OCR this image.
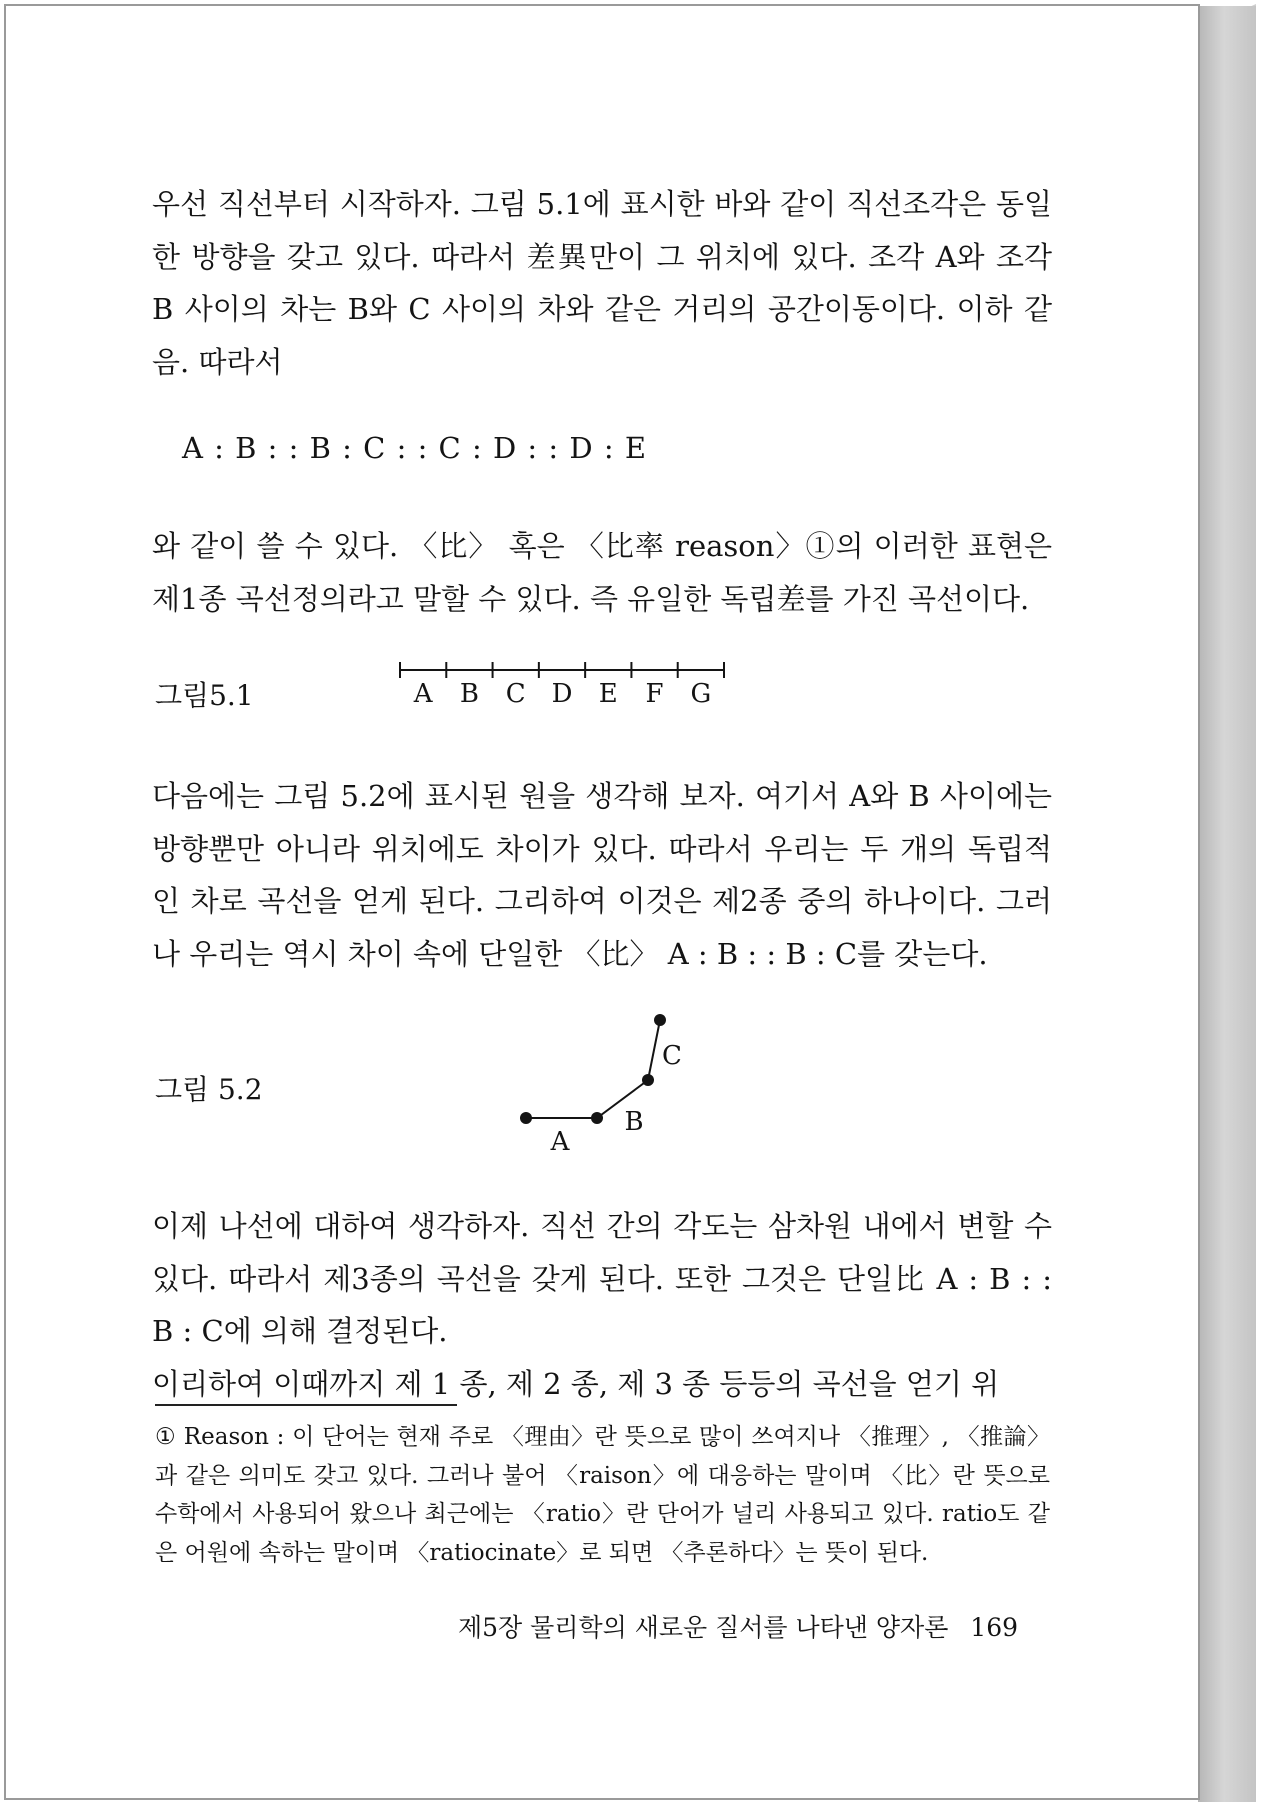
우선 직선부터 시작하자. 그림 5.1에 표시한 바와 같이 직선조각은 동일한 방향을 갖고 있다. 따라서 差異만이 그 위치에 있다. 조각 A와 조각 B 사이의 차는 B와 C 사이의 차와 같은 거리의 공간이동이다. 이하 같음. 따라서

A : B : : B : C : : C : D : : D : E

와 같이 쓸 수 있다. 〈比〉 혹은 〈比率 reason〉①의 이러한 표현은 제1종 곡선정의라고 말할 수 있다. 즉 유일한 독립差를 가진 곡선이다.

그림5.1	A B C D E F G

다음에는 그림 5.2에 표시된 원을 생각해 보자. 여기서 A와 B 사이에는 방향뿐만 아니라 위치에도 차이가 있다. 따라서 우리는 두 개의 독립적인 차로 곡선을 얻게 된다. 그리하여 이것은 제2종 중의 하나이다. 그러나 우리는 역시 차이 속에 단일한 〈比〉 A : B : : B : C를 갖는다.

그림 5.2
A
B
C

이제 나선에 대하여 생각하자. 직선 간의 각도는 삼차원 내에서 변할 수 있다. 따라서 제3종의 곡선을 갖게 된다. 또한 그것은 단일比 A : B : : B : C에 의해 결정된다.

이리하여 이때까지 제 1 종, 제 2 종, 제 3 종 등등의 곡선을 얻기 위

① Reason : 이 단어는 현재 주로 〈理由〉란 뜻으로 많이 쓰여지나 〈推理〉, 〈推論〉과 같은 의미도 갖고 있다. 그러나 불어 〈raison〉에 대응하는 말이며 〈比〉란 뜻으로 수학에서 사용되어 왔으나 최근에는 〈ratio〉란 단어가 널리 사용되고 있다. ratio도 같은 어원에 속하는 말이며 〈ratiocinate〉로 되면 〈추론하다〉는 뜻이 된다.

제5장 물리학의 새로운 질서를 나타낸 양자론 169
